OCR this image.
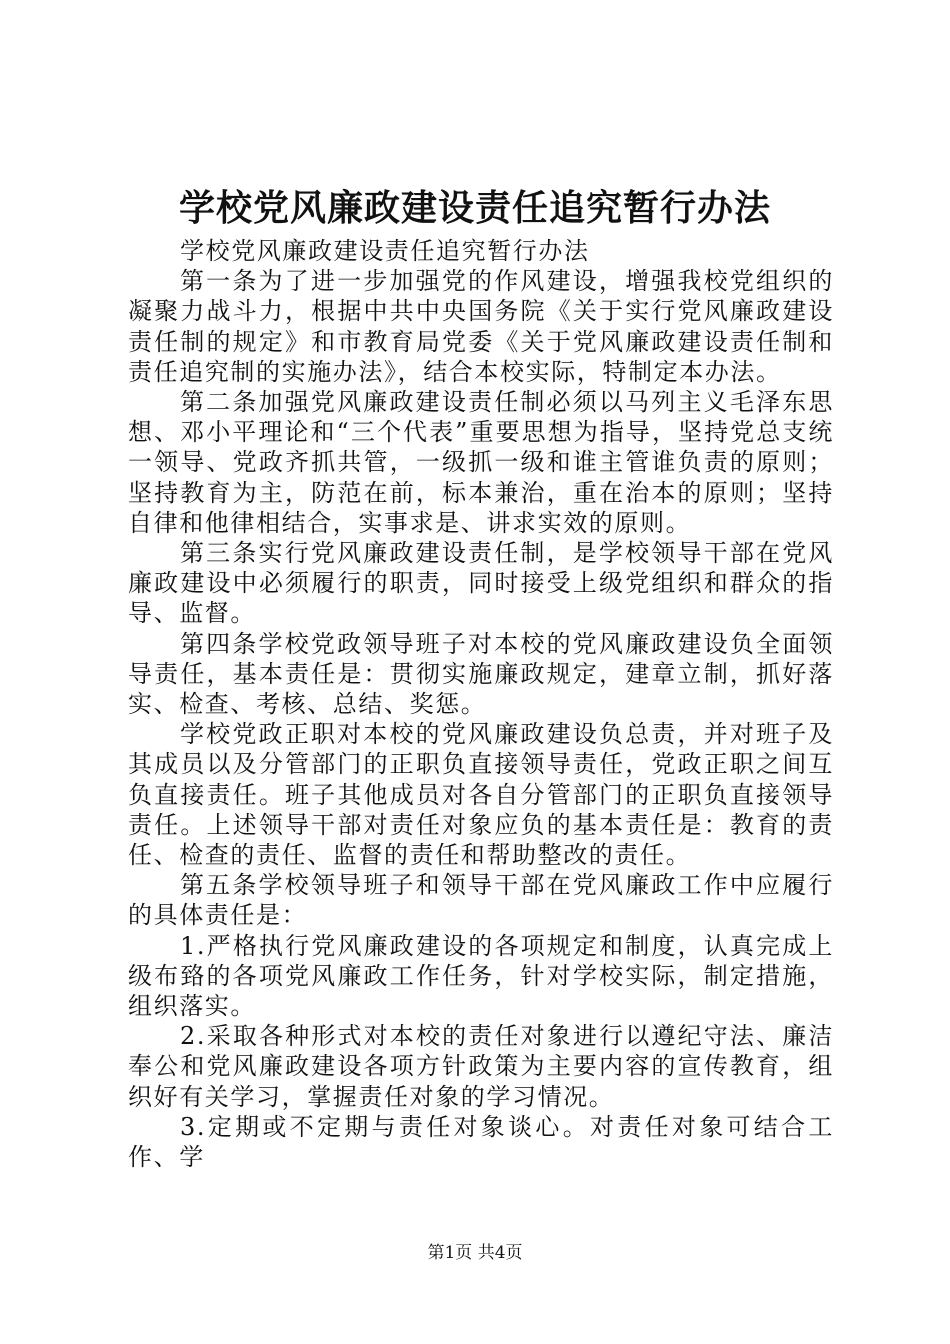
学校党风廉政建设责任追究暂行办法

学校党风廉政建设责任追究暂行办法

第一条为了进一步加强党的作风建设，增强我校党组织的凝聚力战斗力，根据中共中央国务院《关于实行党风廉政建设责任制的规定》和市教育局党委《关于党风廉政建设责任制和责任追究制的实施办法》，结合本校实际，特制定本办法。

第二条加强党风廉政建设责任制必须以马列主义毛泽东思想、邓小平理论和“三个代表”重要思想为指导，坚持党总支统一领导、党政齐抓共管，一级抓一级和谁主管谁负责的原则；坚持教育为主，防范在前，标本兼治，重在治本的原则；坚持自律和他律相结合，实事求是、讲求实效的原则。

第三条实行党风廉政建设责任制，是学校领导干部在党风廉政建设中必须履行的职责，同时接受上级党组织和群众的指导、监督。

第四条学校党政领导班子对本校的党风廉政建设负全面领导责任，基本责任是：贯彻实施廉政规定，建章立制，抓好落实、检查、考核、总结、奖惩。

学校党政正职对本校的党风廉政建设负总责，并对班子及其成员以及分管部门的正职负直接领导责任，党政正职之间互负直接责任。班子其他成员对各自分管部门的正职负直接领导责任。上述领导干部对责任对象应负的基本责任是：教育的责任、检查的责任、监督的责任和帮助整改的责任。

第五条学校领导班子和领导干部在党风廉政工作中应履行的具体责任是：

1.严格执行党风廉政建设的各项规定和制度，认真完成上级布臵的各项党风廉政工作任务，针对学校实际，制定措施，组织落实。

2.采取各种形式对本校的责任对象进行以遵纪守法、廉洁奉公和党风廉政建设各项方针政策为主要内容的宣传教育，组织好有关学习，掌握责任对象的学习情况。

3.定期或不定期与责任对象谈心。对责任对象可结合工作、学

第1页 共4页
